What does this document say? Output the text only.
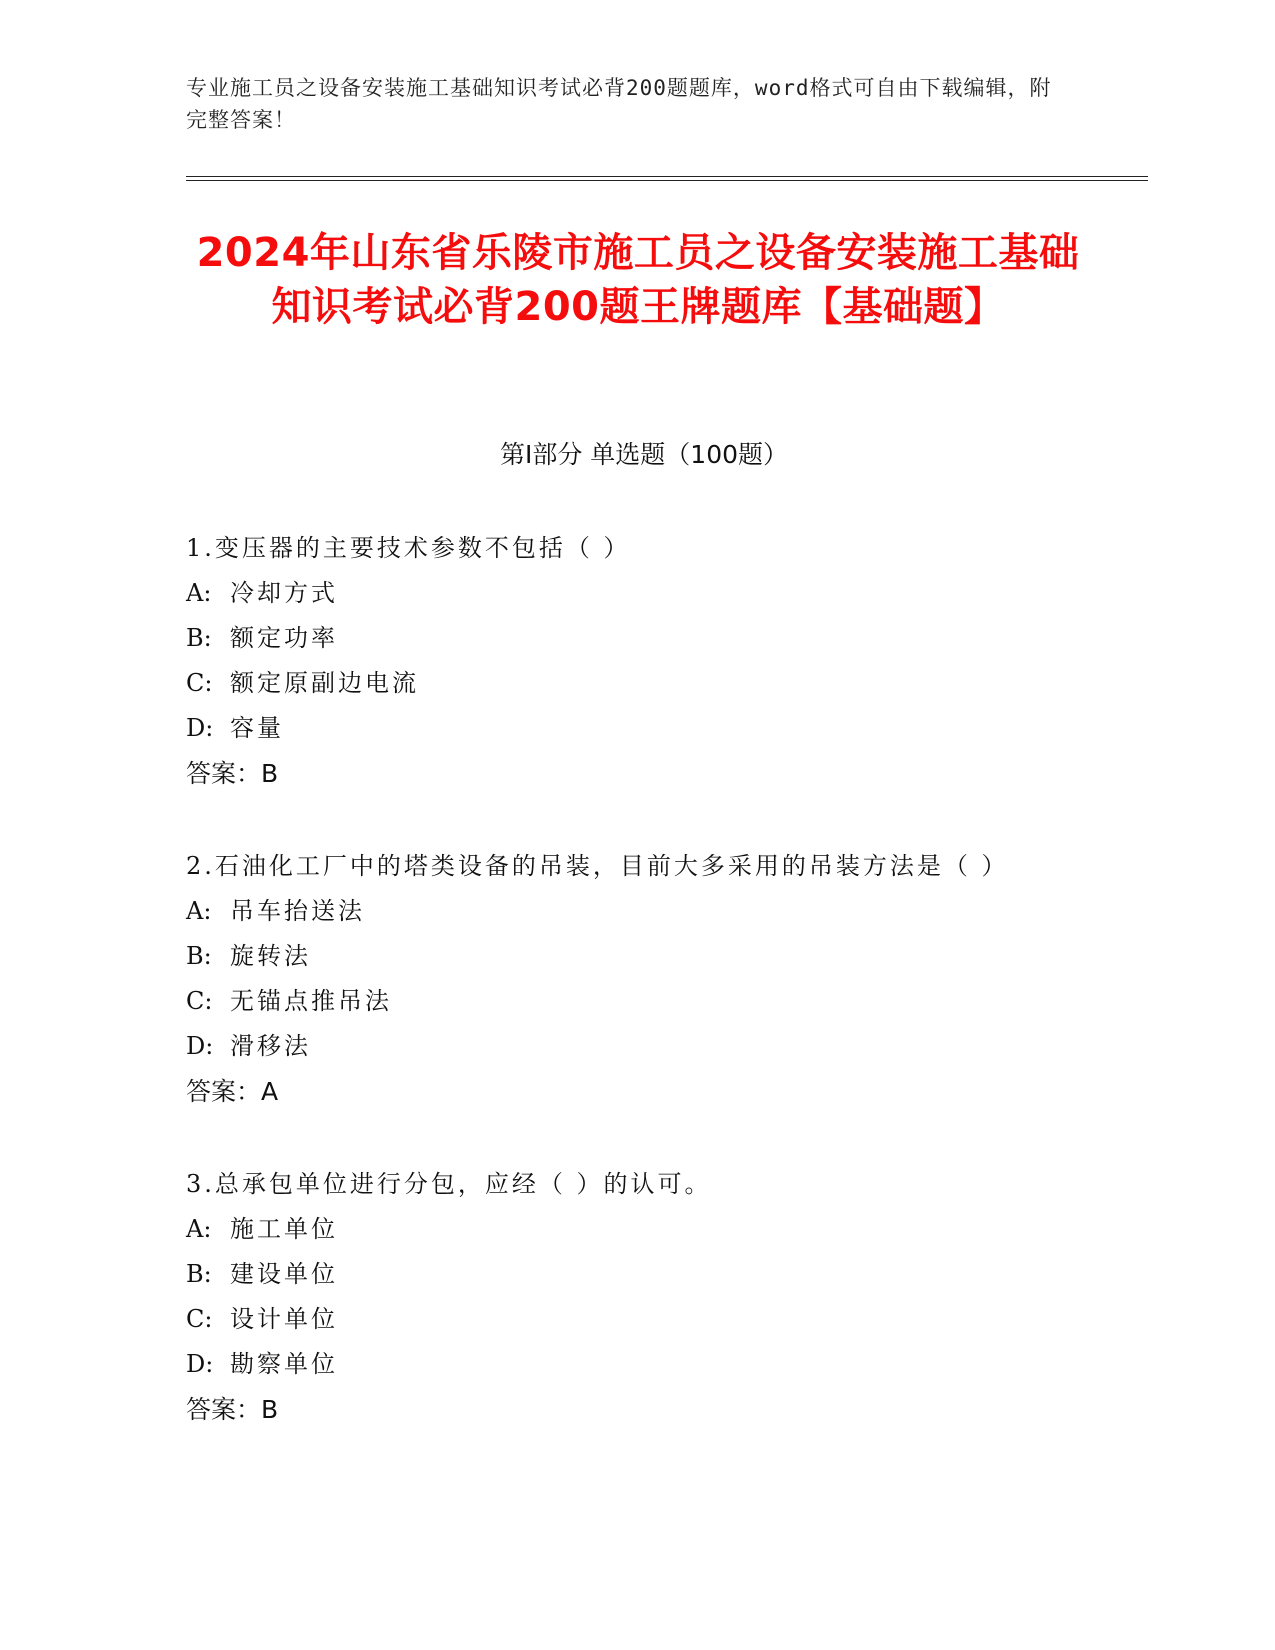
专业施工员之设备安装施工基础知识考试必背200题题库，word格式可自由下载编辑，附完整答案！
2024年山东省乐陵市施工员之设备安装施工基础知识考试必背200题王牌题库【基础题】
第Ⅰ部分 单选题（100题）
1.变压器的主要技术参数不包括（ ）
A: 冷却方式
B: 额定功率
C: 额定原副边电流
D: 容量
答案：B
2.石油化工厂中的塔类设备的吊装，目前大多采用的吊装方法是（ ）
A: 吊车抬送法
B: 旋转法
C: 无锚点推吊法
D: 滑移法
答案：A
3.总承包单位进行分包，应经（ ）的认可。
A: 施工单位
B: 建设单位
C: 设计单位
D: 勘察单位
答案：B
